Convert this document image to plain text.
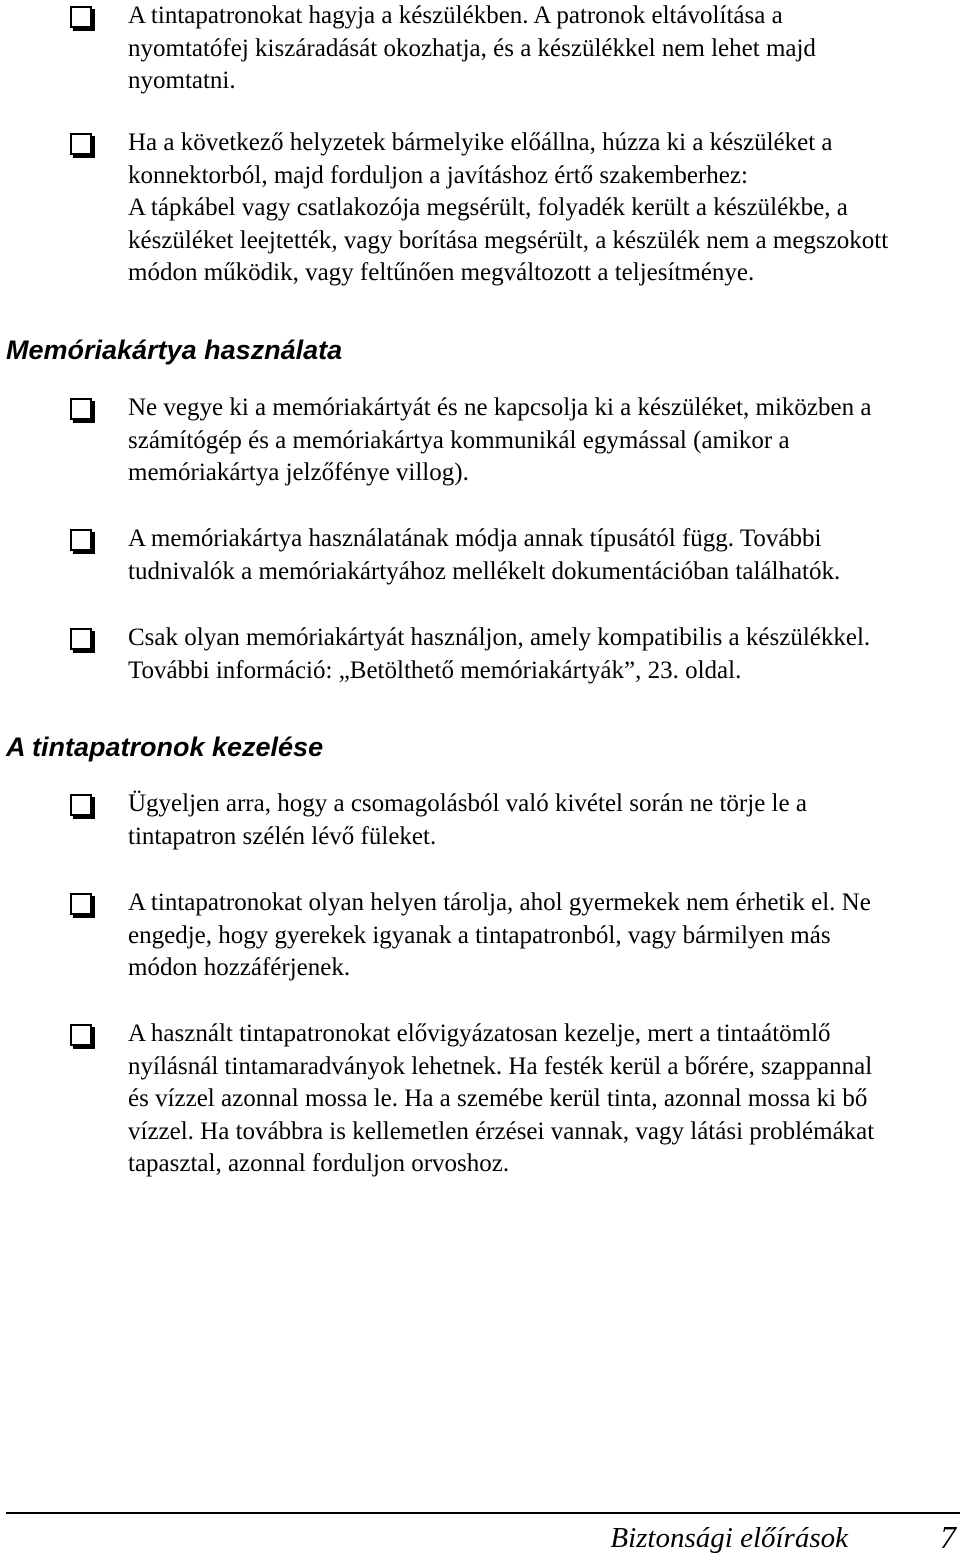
A tintapatronokat hagyja a készülékben. A patronok eltávolítása a
nyomtatófej kiszáradását okozhatja, és a készülékkel nem lehet majd
nyomtatni.
Ha a következő helyzetek bármelyike előállna, húzza ki a készüléket a
konnektorból, majd forduljon a javításhoz értő szakemberhez:
A tápkábel vagy csatlakozója megsérült, folyadék került a készülékbe, a
készüléket leejtették, vagy borítása megsérült, a készülék nem a megszokott
módon működik, vagy feltűnően megváltozott a teljesítménye.
Memóriakártya használata
Ne vegye ki a memóriakártyát és ne kapcsolja ki a készüléket, miközben a
számítógép és a memóriakártya kommunikál egymással (amikor a
memóriakártya jelzőfénye villog).
A memóriakártya használatának módja annak típusától függ. További
tudnivalók a memóriakártyához mellékelt dokumentációban találhatók.
Csak olyan memóriakártyát használjon, amely kompatibilis a készülékkel.
További információ: „Betölthető memóriakártyák”, 23. oldal.
A tintapatronok kezelése
Ügyeljen arra, hogy a csomagolásból való kivétel során ne törje le a
tintapatron szélén lévő füleket.
A tintapatronokat olyan helyen tárolja, ahol gyermekek nem érhetik el. Ne
engedje, hogy gyerekek igyanak a tintapatronból, vagy bármilyen más
módon hozzáférjenek.
A használt tintapatronokat elővigyázatosan kezelje, mert a tintaátömlő
nyílásnál tintamaradványok lehetnek. Ha festék kerül a bőrére, szappannal
és vízzel azonnal mossa le. Ha a szemébe kerül tinta, azonnal mossa ki bő
vízzel. Ha továbbra is kellemetlen érzései vannak, vagy látási problémákat
tapasztal, azonnal forduljon orvoshoz.
Biztonsági előírások	7
